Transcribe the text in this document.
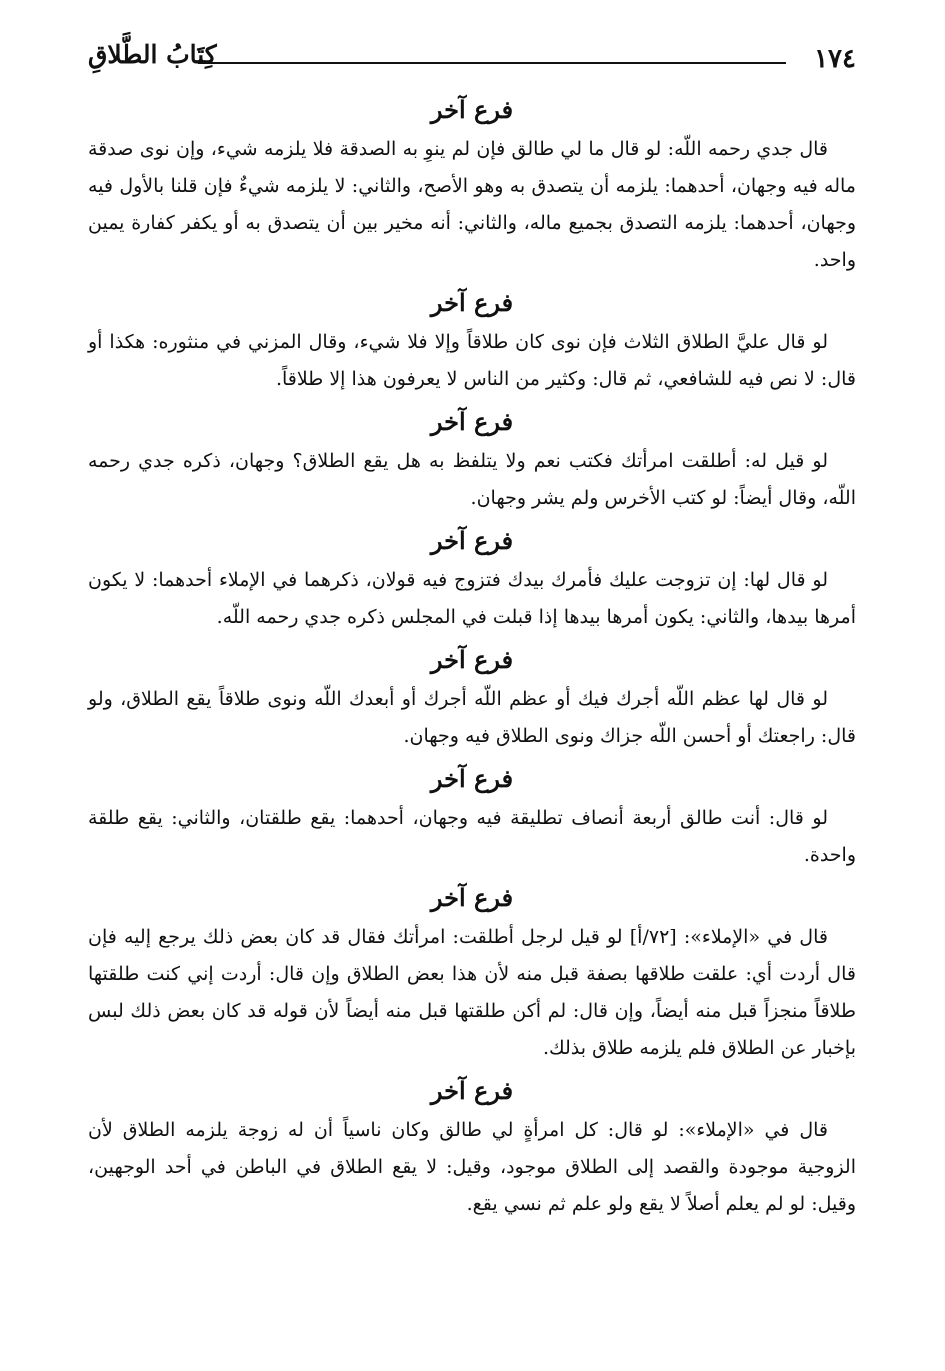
١٧٤
كِتَابُ الطَّلاقِ
فرع آخر

قال جدي رحمه اللّه: لو قال ما لي طالق فإن لم ينوِ به الصدقة فلا يلزمه شيء، وإن نوى صدقة ماله فيه وجهان، أحدهما: يلزمه أن يتصدق به وهو الأصح، والثاني: لا يلزمه شيءٌ فإن قلنا بالأول فيه وجهان، أحدهما: يلزمه التصدق بجميع ماله، والثاني: أنه مخير بين أن يتصدق به أو يكفر كفارة يمين واحد.

فرع آخر

لو قال عليَّ الطلاق الثلاث فإن نوى كان طلاقاً وإلا فلا شيء، وقال المزني في منثوره: هكذا أو قال: لا نص فيه للشافعي، ثم قال: وكثير من الناس لا يعرفون هذا إلا طلاقاً.

فرع آخر

لو قيل له: أطلقت امرأتك فكتب نعم ولا يتلفظ به هل يقع الطلاق؟ وجهان، ذكره جدي رحمه اللّه، وقال أيضاً: لو كتب الأخرس ولم يشر وجهان.

فرع آخر

لو قال لها: إن تزوجت عليك فأمرك بيدك فتزوج فيه قولان، ذكرهما في الإملاء أحدهما: لا يكون أمرها بيدها، والثاني: يكون أمرها بيدها إذا قبلت في المجلس ذكره جدي رحمه اللّه.

فرع آخر

لو قال لها عظم اللّه أجرك فيك أو عظم اللّه أجرك أو أبعدك اللّه ونوى طلاقاً يقع الطلاق، ولو قال: راجعتك أو أحسن اللّه جزاك ونوى الطلاق فيه وجهان.

فرع آخر

لو قال: أنت طالق أربعة أنصاف تطليقة فيه وجهان، أحدهما: يقع طلقتان، والثاني: يقع طلقة واحدة.

فرع آخر

قال في «الإملاء»: [٧٢/أ] لو قيل لرجل أطلقت: امرأتك فقال قد كان بعض ذلك يرجع إليه فإن قال أردت أي: علقت طلاقها بصفة قبل منه لأن هذا بعض الطلاق وإن قال: أردت إني كنت طلقتها طلاقاً منجزاً قبل منه أيضاً، وإن قال: لم أكن طلقتها قبل منه أيضاً لأن قوله قد كان بعض ذلك لبس بإخبار عن الطلاق فلم يلزمه طلاق بذلك.

فرع آخر

قال في «الإملاء»: لو قال: كل امرأةٍ لي طالق وكان ناسياً أن له زوجة يلزمه الطلاق لأن الزوجية موجودة والقصد إلى الطلاق موجود، وقيل: لا يقع الطلاق في الباطن في أحد الوجهين، وقيل: لو لم يعلم أصلاً لا يقع ولو علم ثم نسي يقع.
